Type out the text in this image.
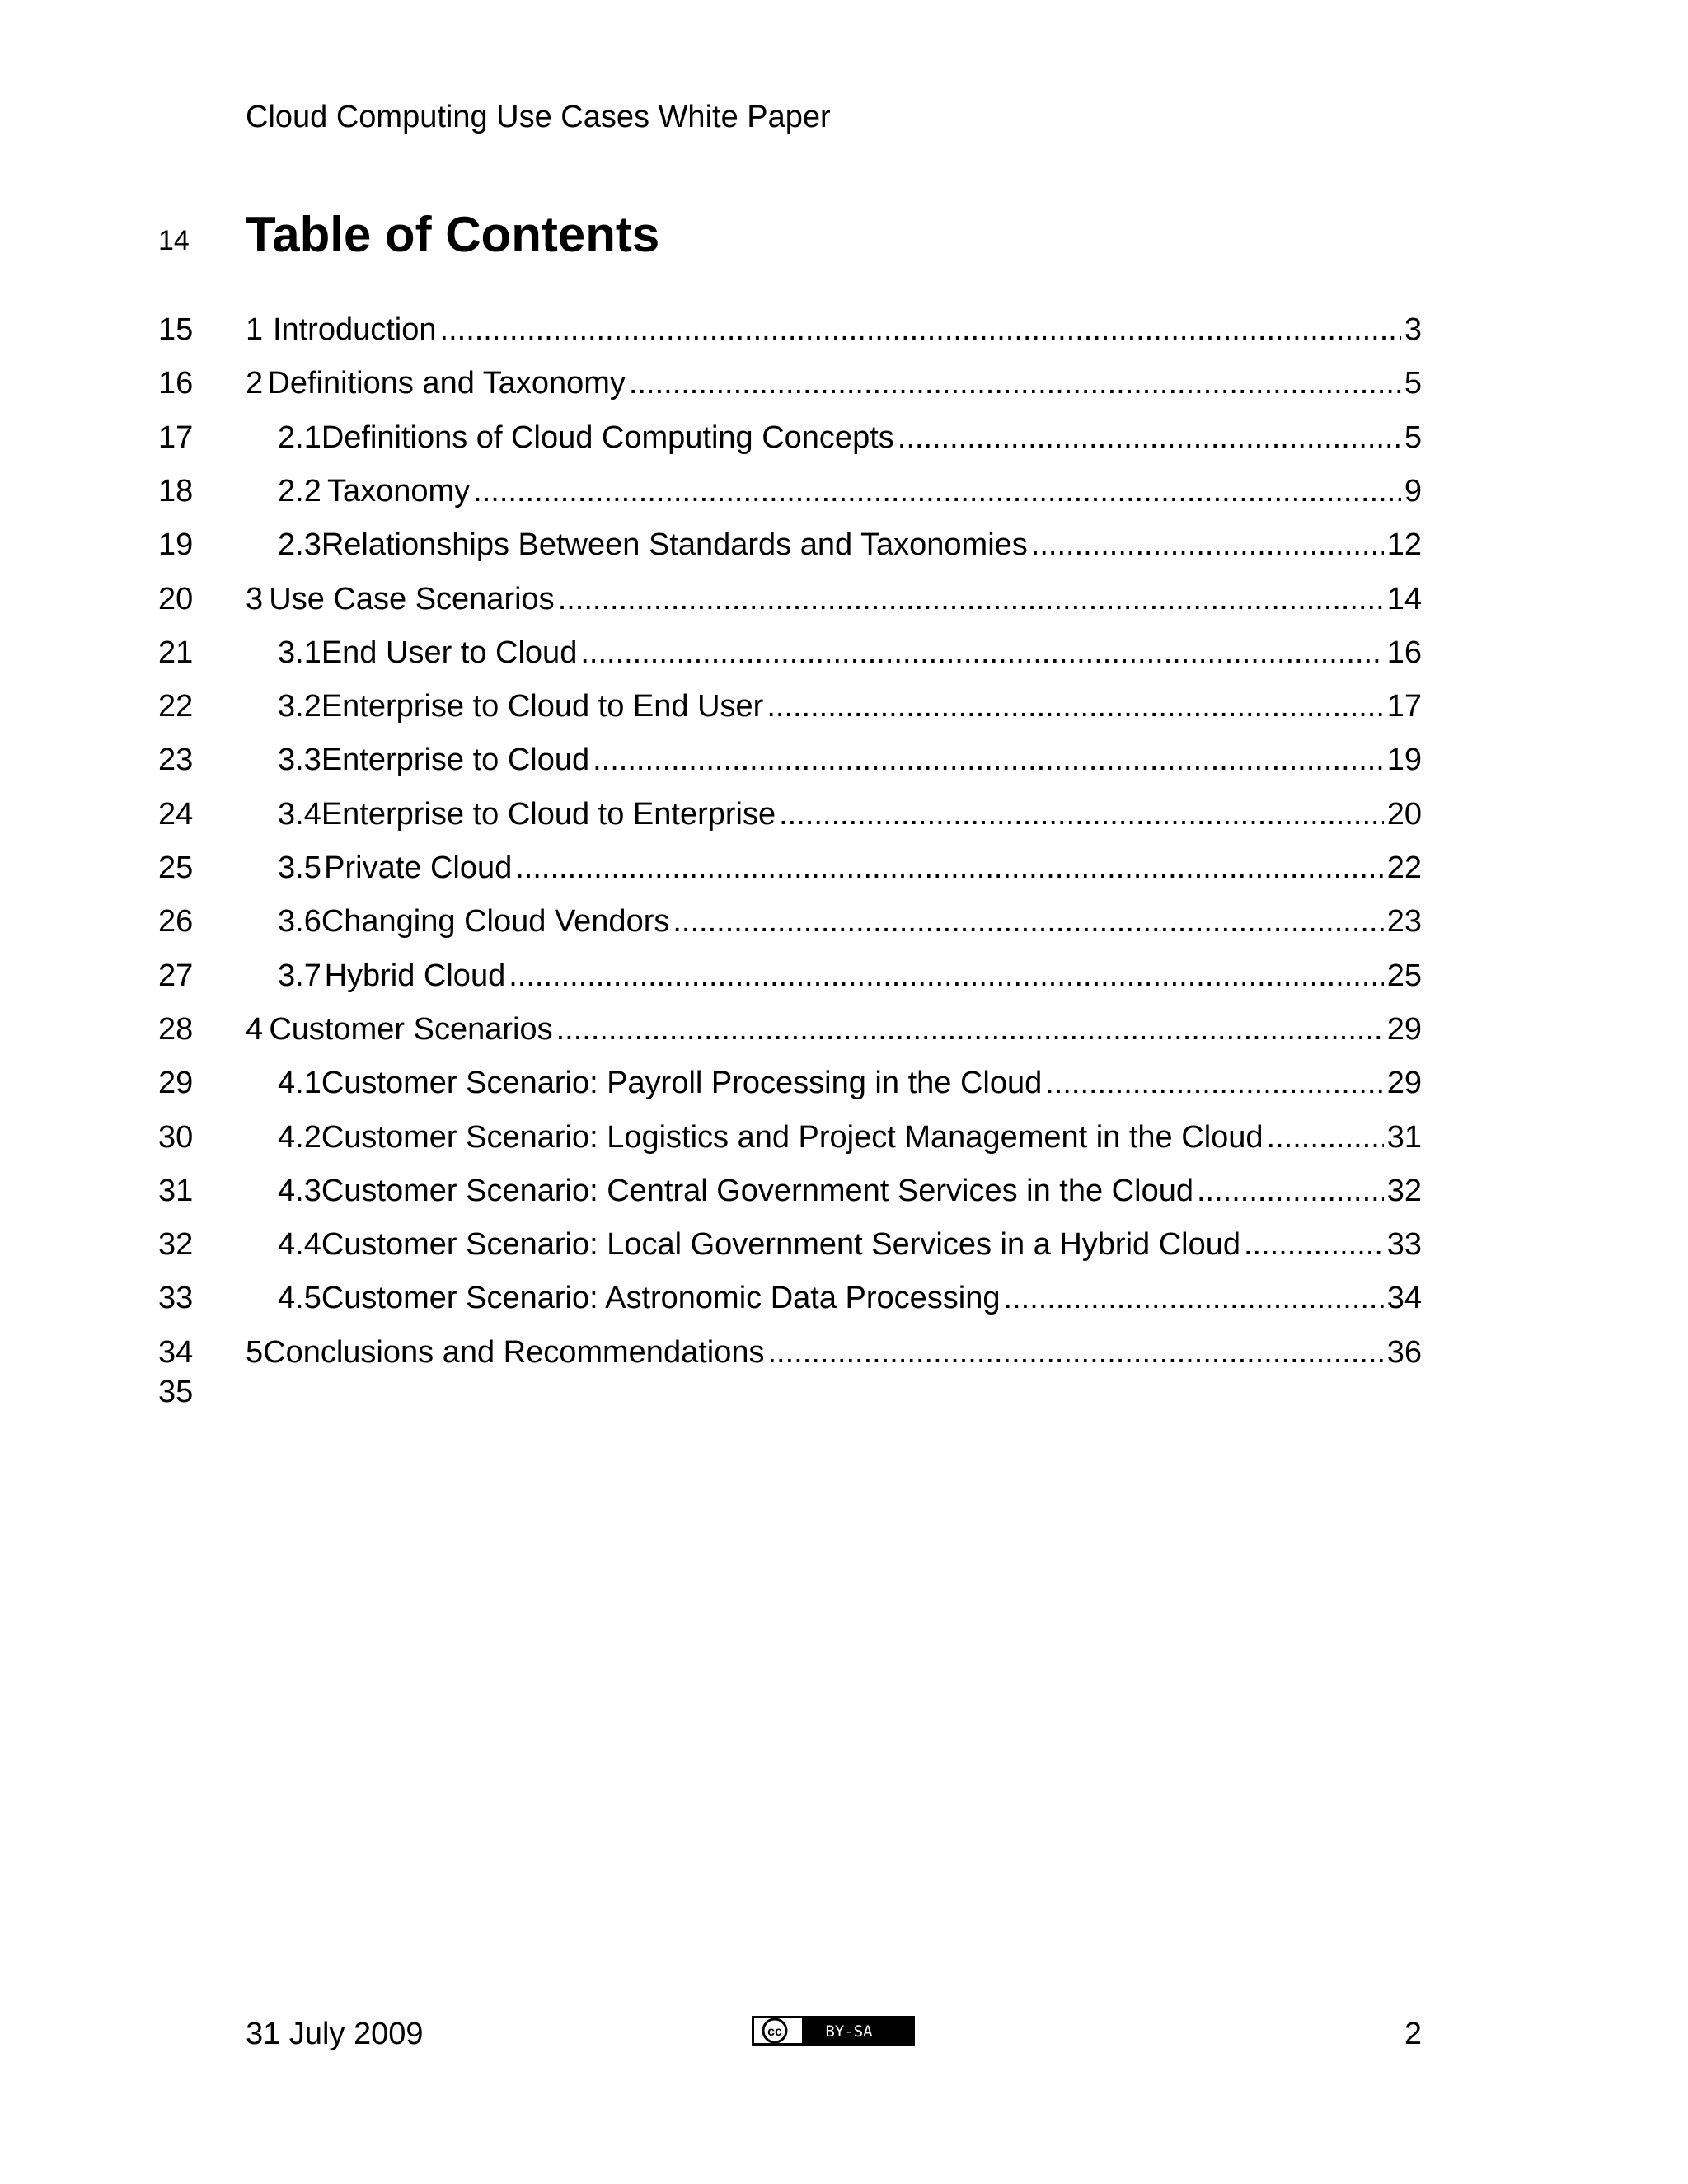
Cloud Computing Use Cases White Paper
14 Table of Contents
15 1 Introduction .....	3
16 2 Definitions and Taxonomy .....	5
17	2.1 Definitions of Cloud Computing Concepts .....	5
18	2.2 Taxonomy .....	9
19	2.3 Relationships Between Standards and Taxonomies .....	12
20 3 Use Case Scenarios .....	14
21	3.1 End User to Cloud .....	16
22	3.2 Enterprise to Cloud to End User .....	17
23	3.3 Enterprise to Cloud .....	19
24	3.4 Enterprise to Cloud to Enterprise .....	20
25	3.5 Private Cloud .....	22
26	3.6 Changing Cloud Vendors .....	23
27	3.7 Hybrid Cloud .....	25
28 4 Customer Scenarios .....	29
29	4.1 Customer Scenario: Payroll Processing in the Cloud .....	29
30	4.2 Customer Scenario: Logistics and Project Management in the Cloud .....	31
31	4.3 Customer Scenario: Central Government Services in the Cloud .....	32
32	4.4 Customer Scenario: Local Government Services in a Hybrid Cloud .....	33
33	4.5 Customer Scenario: Astronomic Data Processing .....	34
34 5 Conclusions and Recommendations .....	36
35
31 July 2009	cc	BY-SA	2
